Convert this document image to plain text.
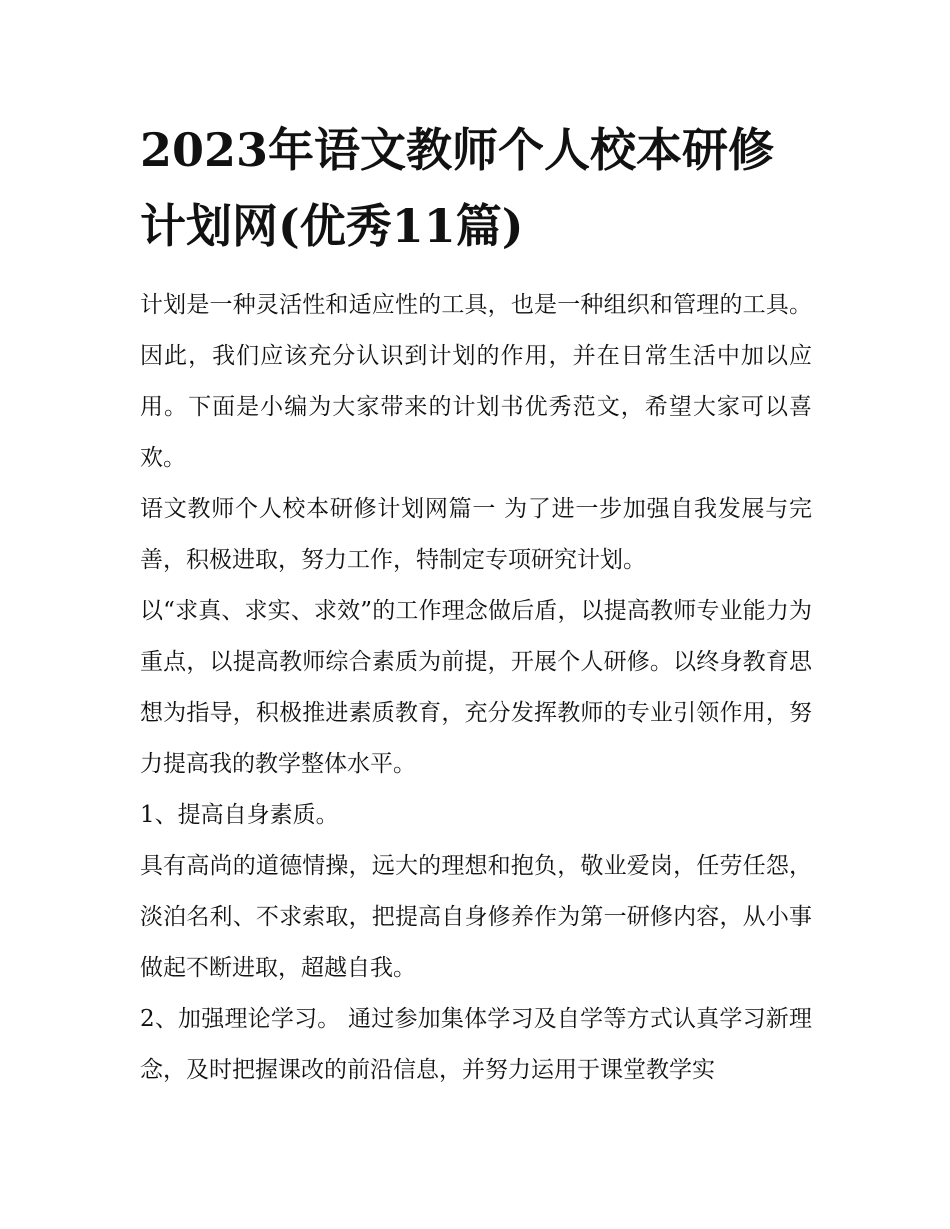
2023年语文教师个人校本研修计划网(优秀11篇)

计划是一种灵活性和适应性的工具，也是一种组织和管理的工具。因此，我们应该充分认识到计划的作用，并在日常生活中加以应用。下面是小编为大家带来的计划书优秀范文，希望大家可以喜欢。

语文教师个人校本研修计划网篇一 为了进一步加强自我发展与完善，积极进取，努力工作，特制定专项研究计划。

以“求真、求实、求效”的工作理念做后盾，以提高教师专业能力为重点，以提高教师综合素质为前提，开展个人研修。以终身教育思想为指导，积极推进素质教育，充分发挥教师的专业引领作用，努力提高我的教学整体水平。

1、提高自身素质。

具有高尚的道德情操，远大的理想和抱负，敬业爱岗，任劳任怨，淡泊名利、不求索取，把提高自身修养作为第一研修内容，从小事做起不断进取，超越自我。

2、加强理论学习。 通过参加集体学习及自学等方式认真学习新理念，及时把握课改的前沿信息，并努力运用于课堂教学实
